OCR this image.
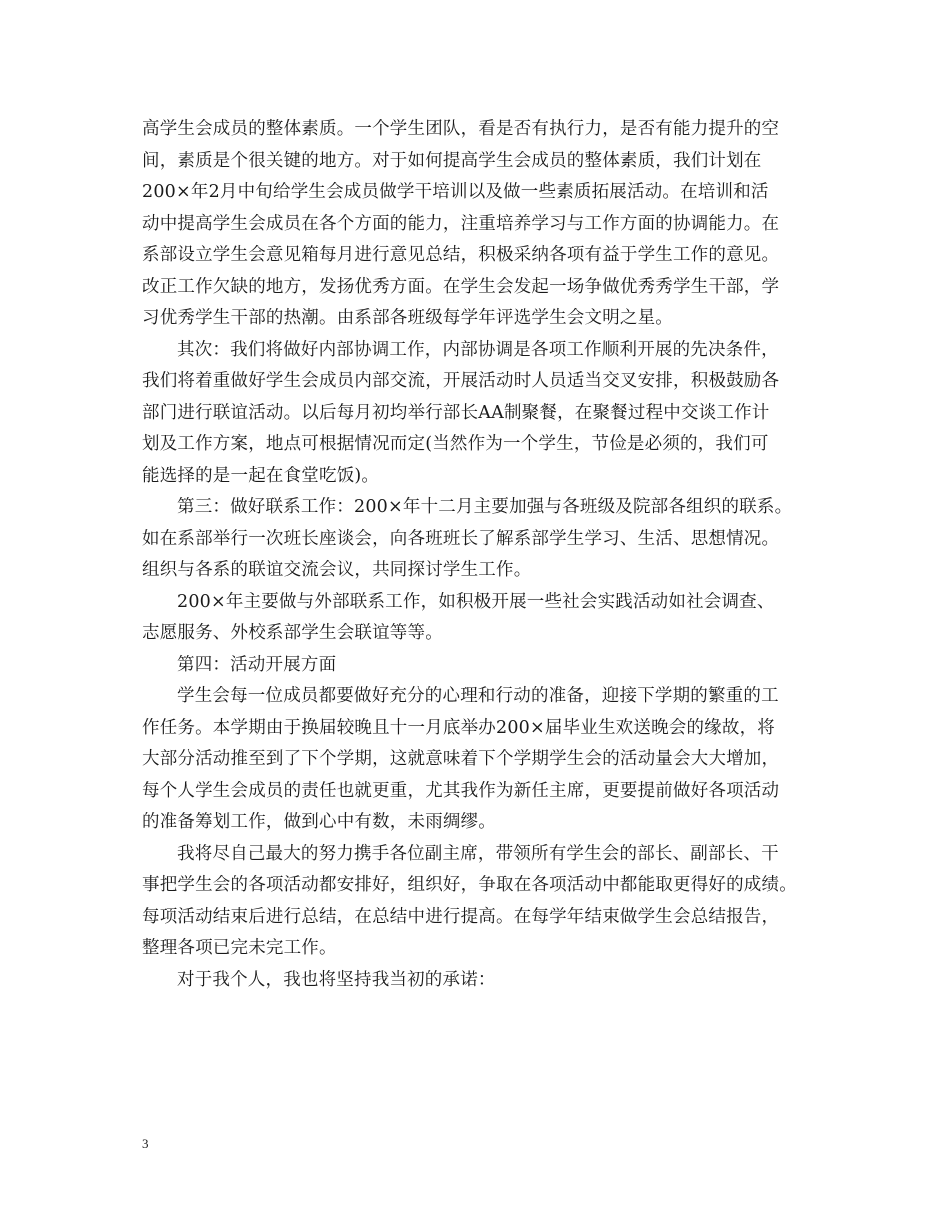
高学生会成员的整体素质。一个学生团队，看是否有执行力，是否有能力提升的空
间，素质是个很关键的地方。对于如何提高学生会成员的整体素质，我们计划在
200×年2月中旬给学生会成员做学干培训以及做一些素质拓展活动。在培训和活
动中提高学生会成员在各个方面的能力，注重培养学习与工作方面的协调能力。在
系部设立学生会意见箱每月进行意见总结，积极采纳各项有益于学生工作的意见。
改正工作欠缺的地方，发扬优秀方面。在学生会发起一场争做优秀秀学生干部，学
习优秀学生干部的热潮。由系部各班级每学年评选学生会文明之星。
其次：我们将做好内部协调工作，内部协调是各项工作顺利开展的先决条件，
我们将着重做好学生会成员内部交流，开展活动时人员适当交叉安排，积极鼓励各
部门进行联谊活动。以后每月初均举行部长AA制聚餐，在聚餐过程中交谈工作计
划及工作方案，地点可根据情况而定(当然作为一个学生，节俭是必须的，我们可
能选择的是一起在食堂吃饭)。
第三：做好联系工作：200×年十二月主要加强与各班级及院部各组织的联系。
如在系部举行一次班长座谈会，向各班班长了解系部学生学习、生活、思想情况。
组织与各系的联谊交流会议，共同探讨学生工作。
200×年主要做与外部联系工作，如积极开展一些社会实践活动如社会调查、
志愿服务、外校系部学生会联谊等等。
第四：活动开展方面
学生会每一位成员都要做好充分的心理和行动的准备，迎接下学期的繁重的工
作任务。本学期由于换届较晚且十一月底举办200×届毕业生欢送晚会的缘故，将
大部分活动推至到了下个学期，这就意味着下个学期学生会的活动量会大大增加，
每个人学生会成员的责任也就更重，尤其我作为新任主席，更要提前做好各项活动
的准备筹划工作，做到心中有数，未雨绸缪。
我将尽自己最大的努力携手各位副主席，带领所有学生会的部长、副部长、干
事把学生会的各项活动都安排好，组织好，争取在各项活动中都能取更得好的成绩。
每项活动结束后进行总结，在总结中进行提高。在每学年结束做学生会总结报告，
整理各项已完未完工作。
对于我个人，我也将坚持我当初的承诺：
3
